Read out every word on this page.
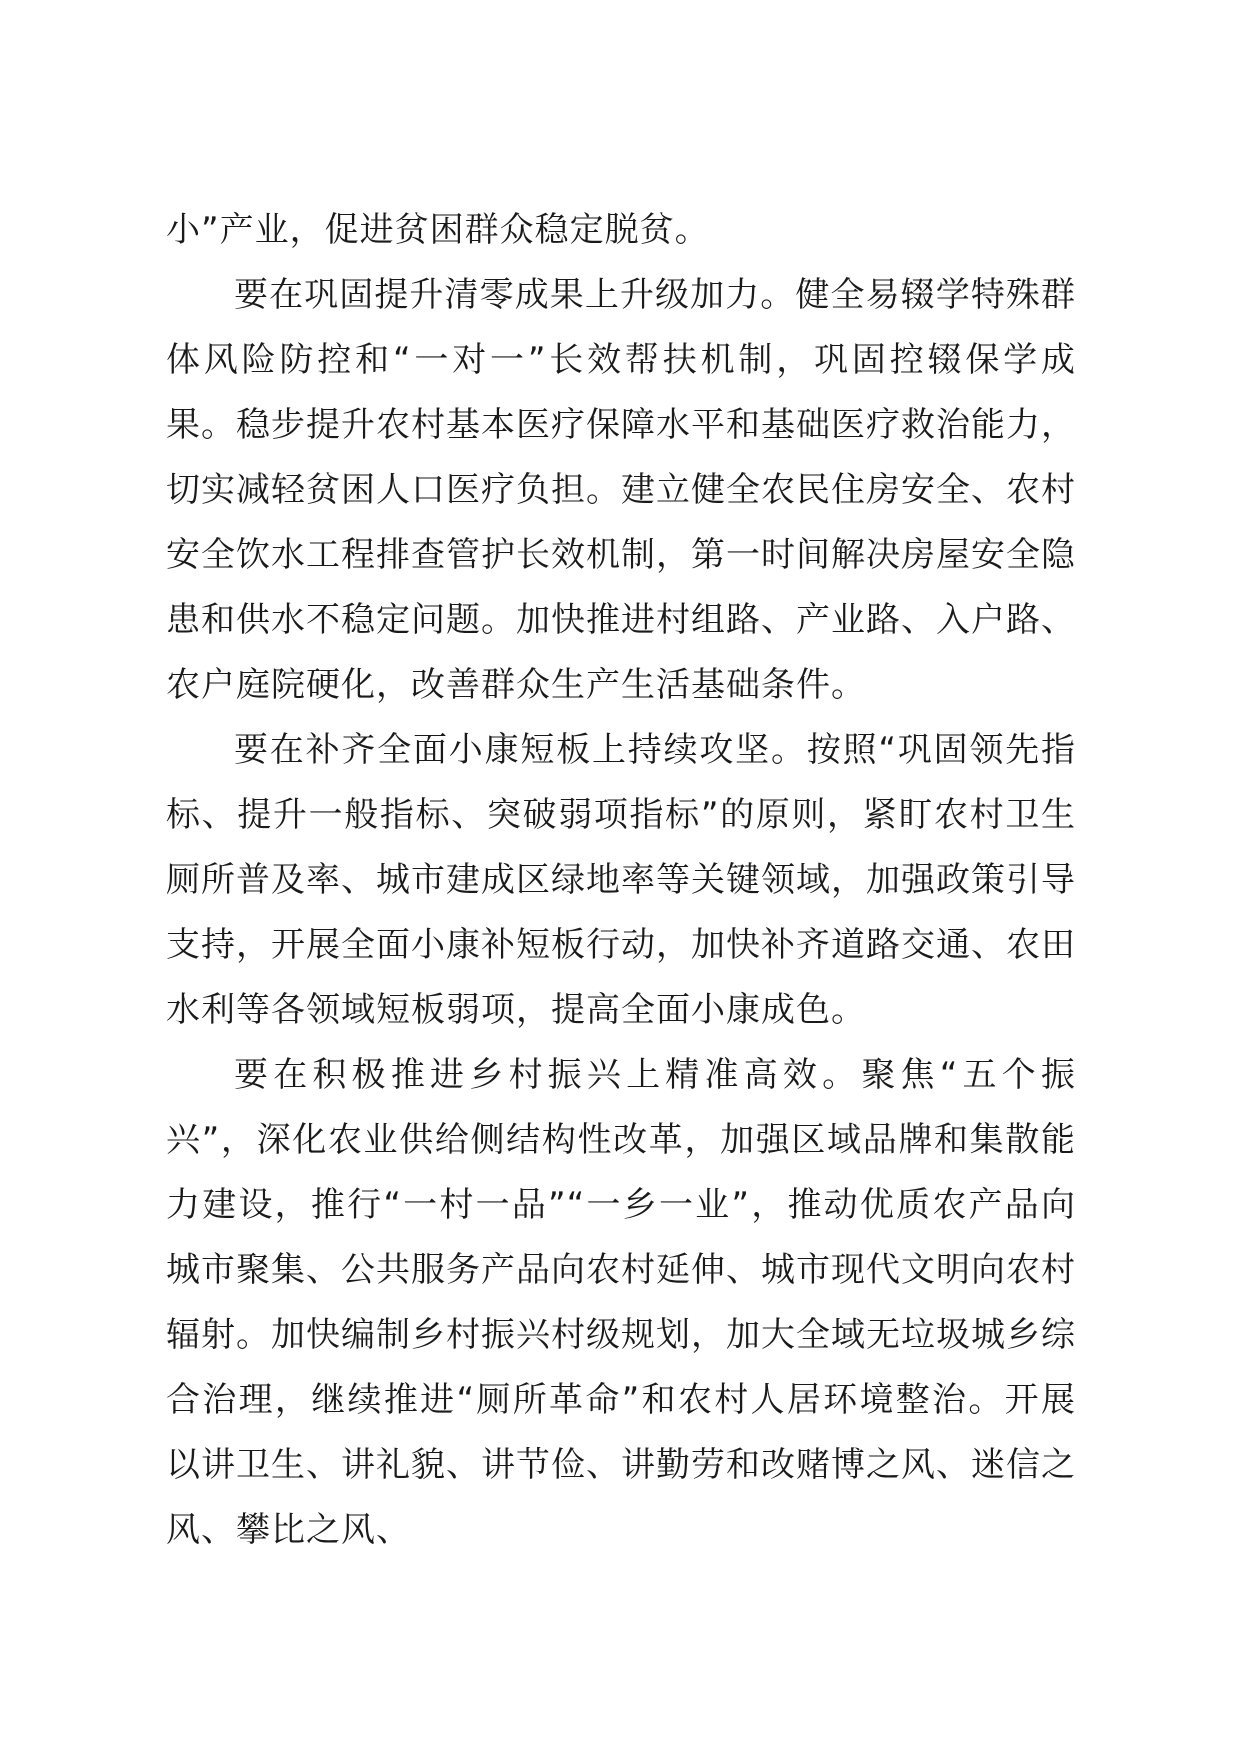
小”产业，促进贫困群众稳定脱贫。

要在巩固提升清零成果上升级加力。健全易辍学特殊群体风险防控和“一对一”长效帮扶机制，巩固控辍保学成果。稳步提升农村基本医疗保障水平和基础医疗救治能力，切实减轻贫困人口医疗负担。建立健全农民住房安全、农村安全饮水工程排查管护长效机制，第一时间解决房屋安全隐患和供水不稳定问题。加快推进村组路、产业路、入户路、农户庭院硬化，改善群众生产生活基础条件。

要在补齐全面小康短板上持续攻坚。按照“巩固领先指标、提升一般指标、突破弱项指标”的原则，紧盯农村卫生厕所普及率、城市建成区绿地率等关键领域，加强政策引导支持，开展全面小康补短板行动，加快补齐道路交通、农田水利等各领域短板弱项，提高全面小康成色。

要在积极推进乡村振兴上精准高效。聚焦“五个振兴”，深化农业供给侧结构性改革，加强区域品牌和集散能力建设，推行“一村一品”“一乡一业”，推动优质农产品向城市聚集、公共服务产品向农村延伸、城市现代文明向农村辐射。加快编制乡村振兴村级规划，加大全域无垃圾城乡综合治理，继续推进“厕所革命”和农村人居环境整治。开展以讲卫生、讲礼貌、讲节俭、讲勤劳和改赌博之风、迷信之风、攀比之风、
